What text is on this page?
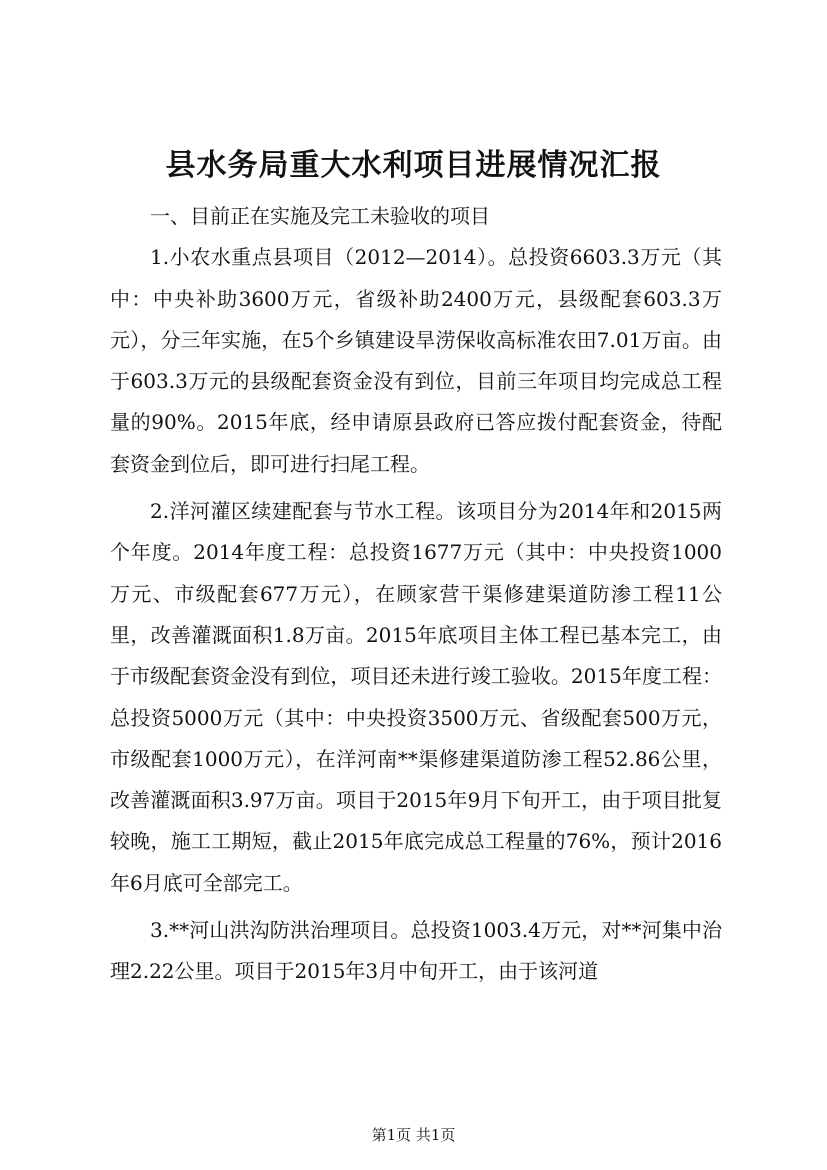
县水务局重大水利项目进展情况汇报

一、目前正在实施及完工未验收的项目

1.小农水重点县项目（2012—2014）。总投资6603.3万元（其中：中央补助3600万元，省级补助2400万元，县级配套603.3万元），分三年实施，在5个乡镇建设旱涝保收高标准农田7.01万亩。由于603.3万元的县级配套资金没有到位，目前三年项目均完成总工程量的90%。2015年底，经申请原县政府已答应拨付配套资金，待配套资金到位后，即可进行扫尾工程。

2.洋河灌区续建配套与节水工程。该项目分为2014年和2015两个年度。2014年度工程：总投资1677万元（其中：中央投资1000万元、市级配套677万元），在顾家营干渠修建渠道防渗工程11公里，改善灌溉面积1.8万亩。2015年底项目主体工程已基本完工，由于市级配套资金没有到位，项目还未进行竣工验收。2015年度工程：总投资5000万元（其中：中央投资3500万元、省级配套500万元，市级配套1000万元），在洋河南**渠修建渠道防渗工程52.86公里，改善灌溉面积3.97万亩。项目于2015年9月下旬开工，由于项目批复较晚，施工工期短，截止2015年底完成总工程量的76%，预计2016年6月底可全部完工。

3.**河山洪沟防洪治理项目。总投资1003.4万元，对**河集中治理2.22公里。项目于2015年3月中旬开工，由于该河道

第1页 共1页
